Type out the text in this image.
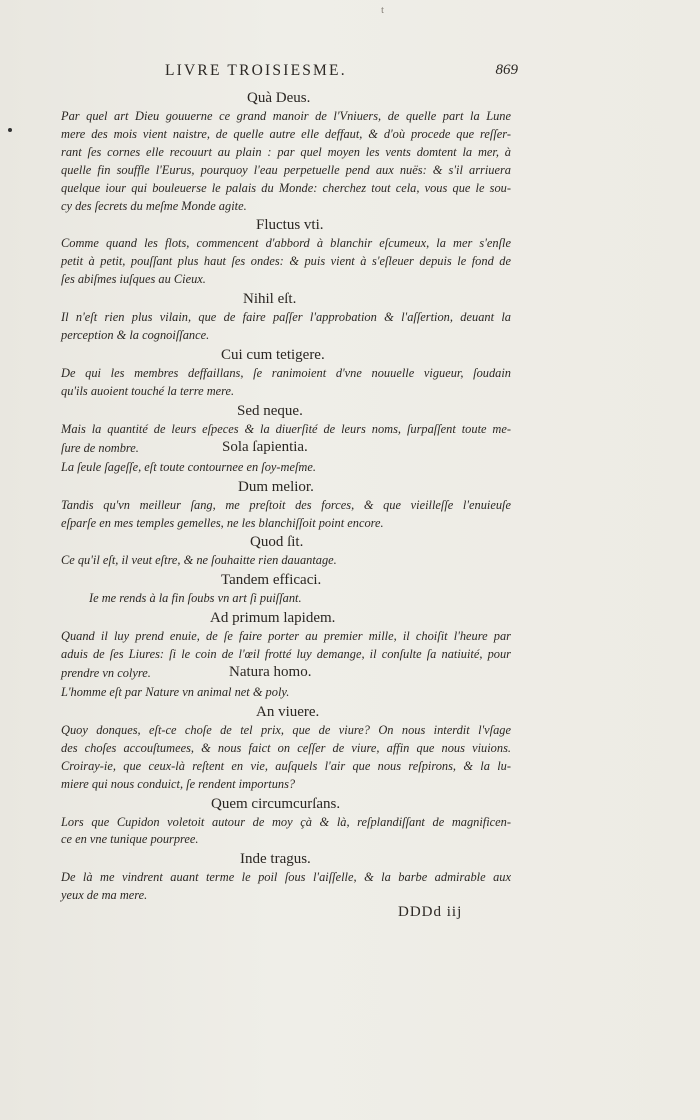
t
LIVRE TROISIESME.	869
Quà Deus.
Par quel art Dieu gouuerne ce grand manoir de l'Vniuers, de quelle part la Lune
mere des mois vient naistre, de quelle autre elle deffaut, & d'où procede que reſſer-
rant ſes cornes elle recouurt au plain : par quel moyen les vents domtent la mer, à
quelle fin souffle l'Eurus, pourquoy l'eau perpetuelle pend aux nuës: & s'il arriuera
quelque iour qui bouleuerse le palais du Monde: cherchez tout cela, vous que le sou-
cy des ſecrets du meſme Monde agite.
Fluctus vti.
Comme quand les flots, commencent d'abbord à blanchir eſcumeux, la mer s'enſle
petit à petit, pouſſant plus haut ſes ondes: & puis vient à s'eſleuer depuis le fond de
ſes abiſmes iuſques au Cieux.
Nihil eſt.
Il n'eſt rien plus vilain, que de faire paſſer l'approbation & l'aſſertion, deuant la
perception & la cognoiſſance.
Cui cum tetigere.
De qui les membres deffaillans, ſe ranimoient d'vne nouuelle vigueur, ſoudain
qu'ils auoient touché la terre mere.
Sed neque.
Mais la quantité de leurs eſpeces & la diuerſité de leurs noms, ſurpaſſent toute me-
ſure de nombre.	Sola ſapientia.
La ſeule ſageſſe, eſt toute contournee en ſoy-meſme.
Dum melior.
Tandis qu'vn meilleur ſang, me preſtoit des forces, & que vieilleſſe l'enuieuſe
eſparſe en mes temples gemelles, ne les blanchiſſoit point encore.
Quod ſit.
Ce qu'il eſt, il veut eſtre, & ne ſouhaitte rien dauantage.
Tandem efficaci.
Ie me rends à la fin ſoubs vn art ſi puiſſant.
Ad primum lapidem.
Quand il luy prend enuie, de ſe faire porter au premier mille, il choiſit l'heure par
aduis de ſes Liures: ſi le coin de l'œil frotté luy demange, il conſulte ſa natiuité, pour
prendre vn colyre.	Natura homo.
L'homme eſt par Nature vn animal net & poly.
An viuere.
Quoy donques, eſt-ce choſe de tel prix, que de viure? On nous interdit l'vſage
des choſes accouſtumees, & nous faict on ceſſer de viure, affin que nous viuions.
Croiray-ie, que ceux-là reſtent en vie, auſquels l'air que nous reſpirons, & la lu-
miere qui nous conduict, ſe rendent importuns?
Quem circumcurſans.
Lors que Cupidon voletoit autour de moy çà & là, reſplandiſſant de magnificen-
ce en vne tunique pourpree.
Inde tragus.
De là me vindrent auant terme le poil ſous l'aiſſelle, & la barbe admirable aux
yeux de ma mere.
DDDd iij
